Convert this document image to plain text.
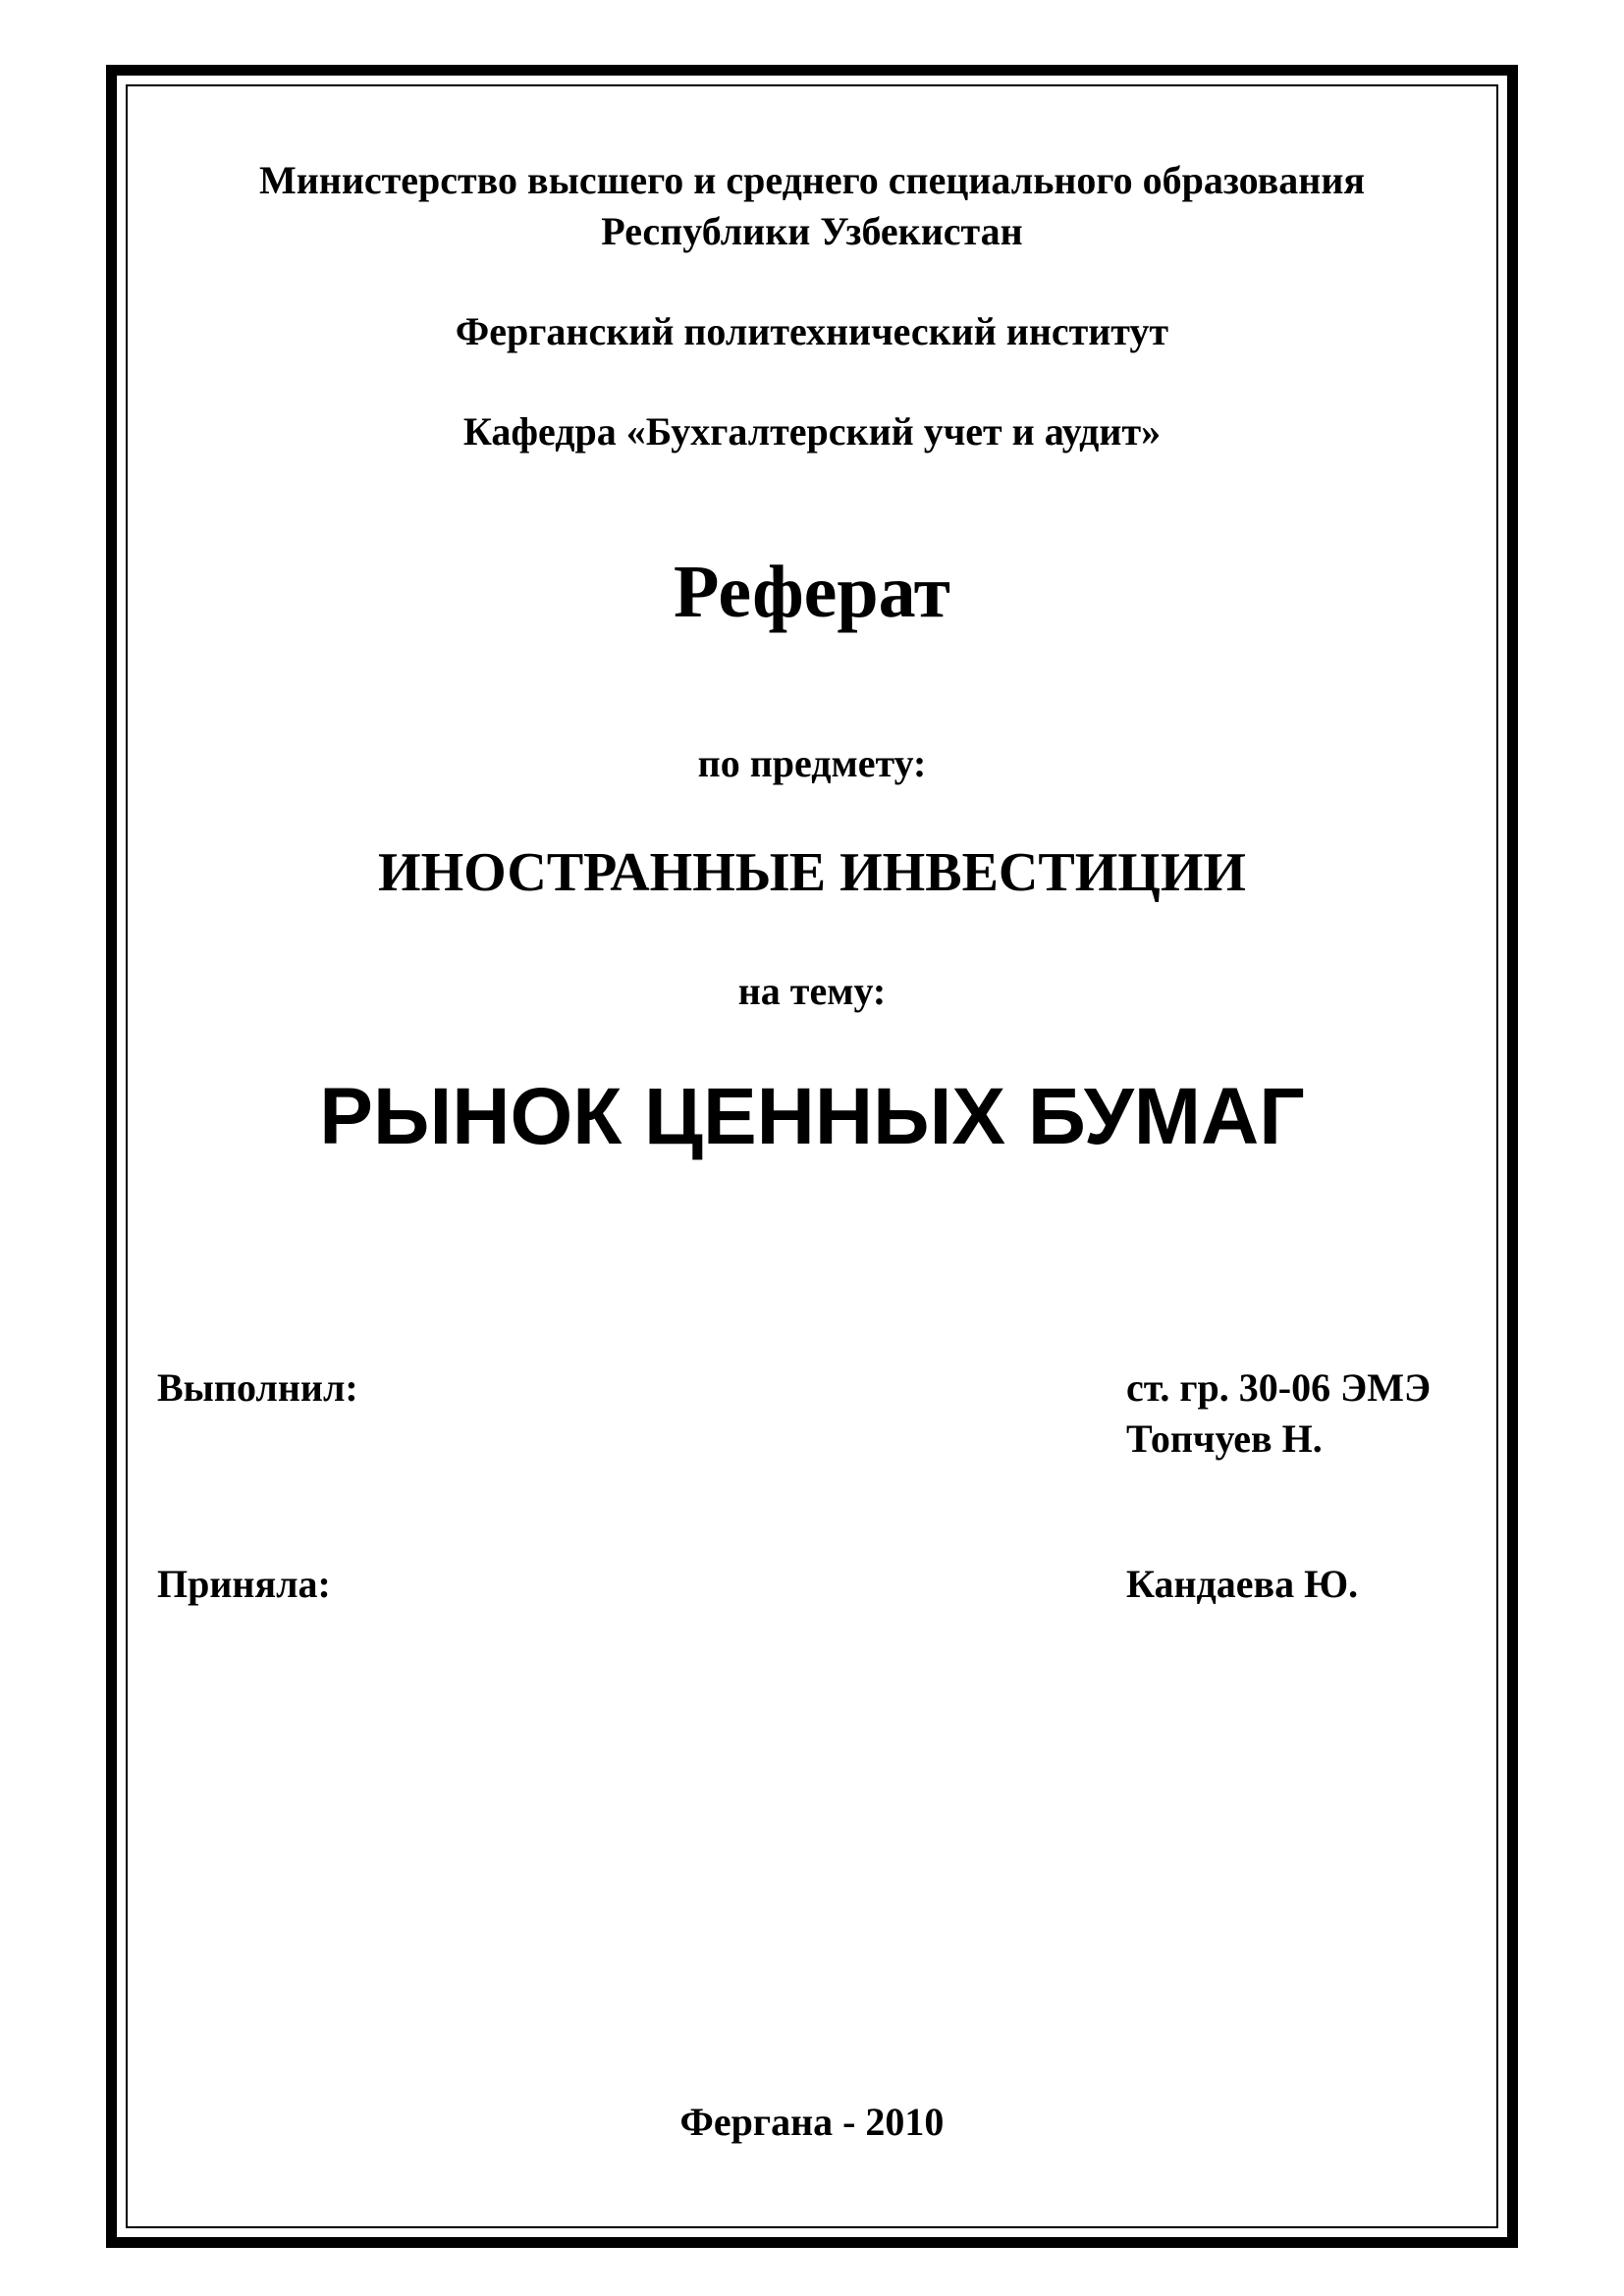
Министерство высшего и среднего специального образования
Республики Узбекистан
Ферганский политехнический институт
Кафедра «Бухгалтерский учет и аудит»
Реферат
по предмету:
ИНОСТРАННЫЕ ИНВЕСТИЦИИ
на тему:
РЫНОК ЦЕННЫХ БУМАГ
Выполнил:	ст. гр. 30-06 ЭМЭ
Топчуев Н.
Приняла:	Кандаева Ю.
Фергана - 2010
